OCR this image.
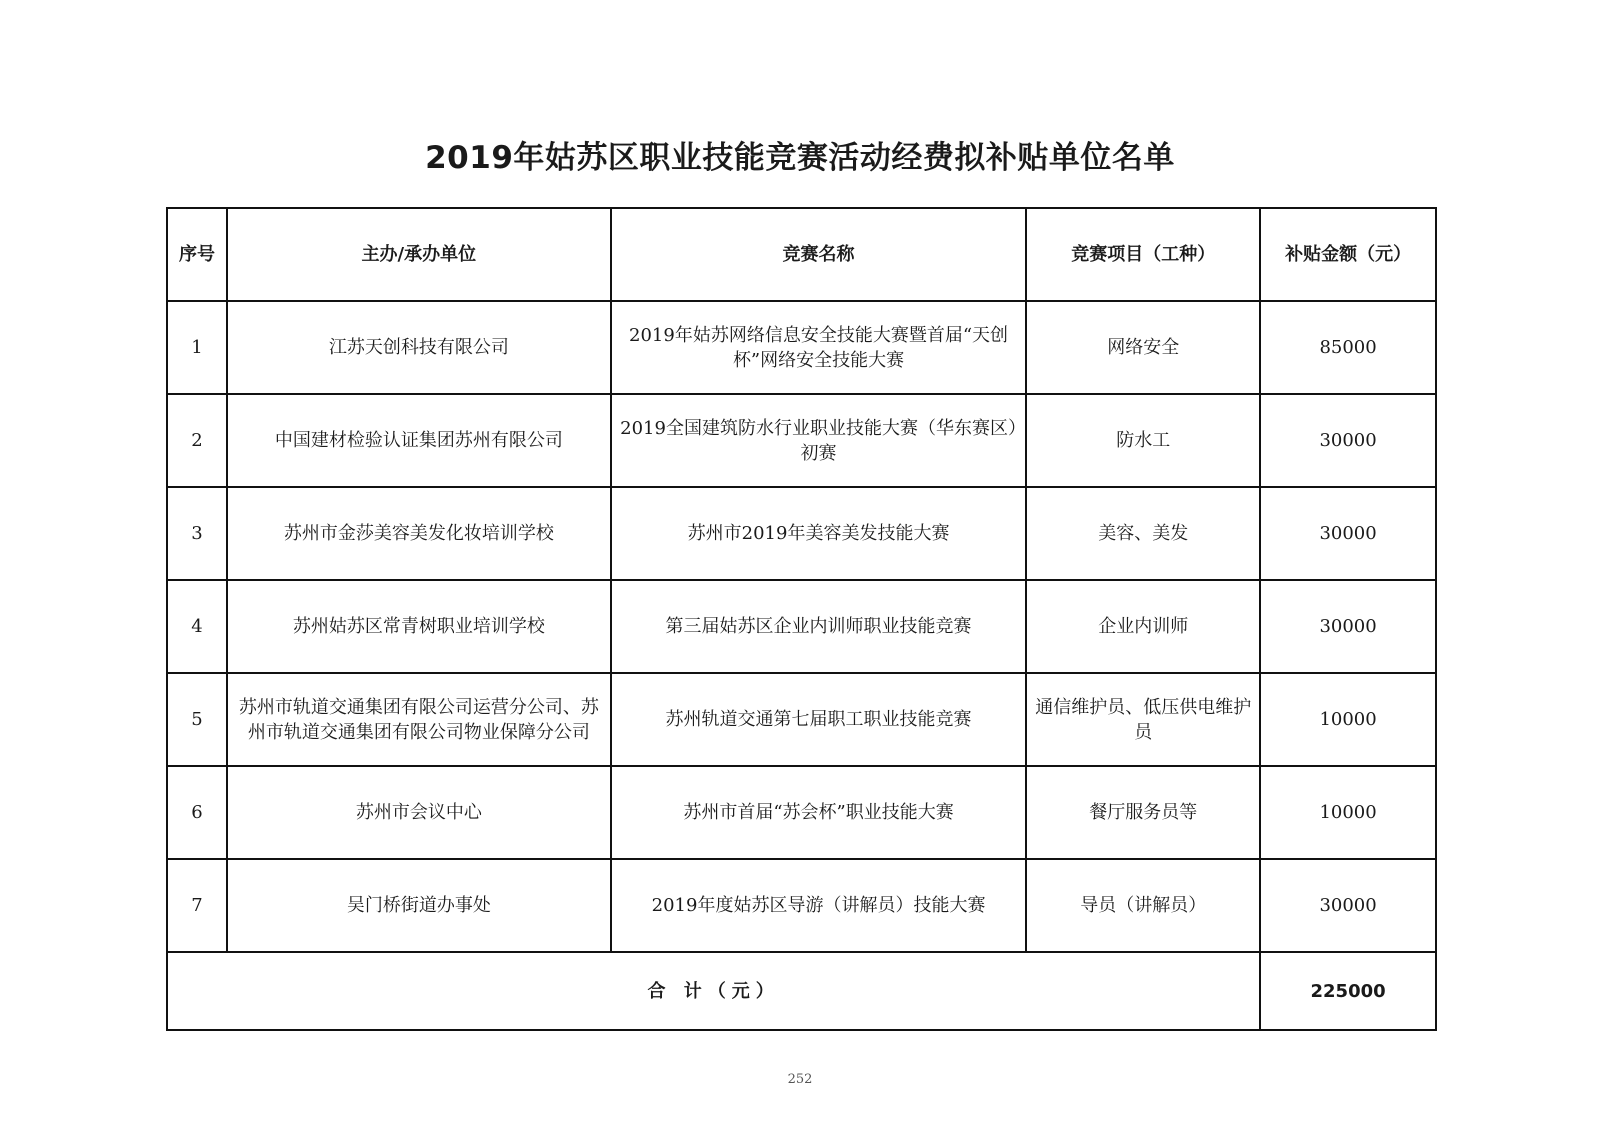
2019年姑苏区职业技能竞赛活动经费拟补贴单位名单
序号	主办/承办单位	竞赛名称	竞赛项目（工种）	补贴金额（元）
1	江苏天创科技有限公司	2019年姑苏网络信息安全技能大赛暨首届“天创杯”网络安全技能大赛	网络安全	85000
2	中国建材检验认证集团苏州有限公司	2019全国建筑防水行业职业技能大赛（华东赛区）初赛	防水工	30000
3	苏州市金莎美容美发化妆培训学校	苏州市2019年美容美发技能大赛	美容、美发	30000
4	苏州姑苏区常青树职业培训学校	第三届姑苏区企业内训师职业技能竞赛	企业内训师	30000
5	苏州市轨道交通集团有限公司运营分公司、苏州市轨道交通集团有限公司物业保障分公司	苏州轨道交通第七届职工职业技能竞赛	通信维护员、低压供电维护员	10000
6	苏州市会议中心	苏州市首届“苏会杯”职业技能大赛	餐厅服务员等	10000
7	吴门桥街道办事处	2019年度姑苏区导游（讲解员）技能大赛	导员（讲解员）	30000
合 计（元）				225000
252
